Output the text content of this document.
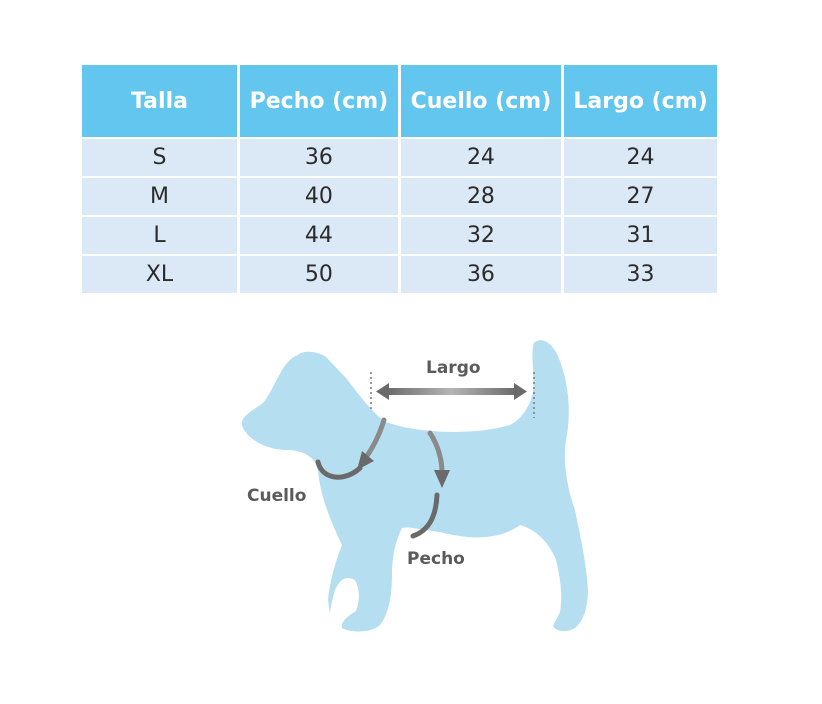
Talla	Pecho (cm)	Cuello (cm)	Largo (cm)
S	36	24	24
M	40	28	27
L	44	32	31
XL	50	36	33
Largo
Cuello
Pecho
